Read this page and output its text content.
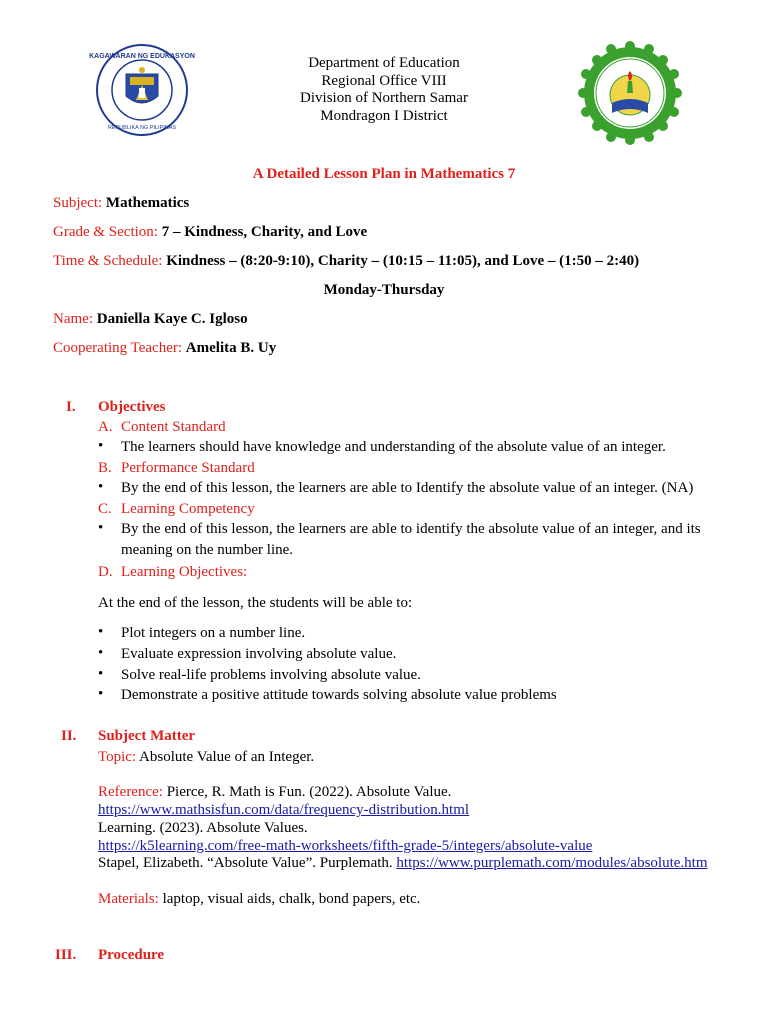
KAGAWARAN NG EDUKASYON
REPUBLIKA NG PILIPINAS
Department of Education
Regional Office VIII
Division of Northern Samar
Mondragon I District
A Detailed Lesson Plan in Mathematics 7
Subject: Mathematics
Grade & Section: 7 – Kindness, Charity, and Love
Time & Schedule: Kindness – (8:20-9:10), Charity – (10:15 – 11:05), and Love – (1:50 – 2:40)
Monday-Thursday
Name: Daniella Kaye C. Igloso
Cooperating Teacher: Amelita B. Uy
I. Objectives
A. Content Standard
•	The learners should have knowledge and understanding of the absolute value of an integer.
B. Performance Standard
•	By the end of this lesson, the learners are able to Identify the absolute value of an integer. (NA)
C. Learning Competency
•	By the end of this lesson, the learners are able to identify the absolute value of an integer, and its meaning on the number line.
D. Learning Objectives:
At the end of the lesson, the students will be able to:
•	Plot integers on a number line.
•	Evaluate expression involving absolute value.
•	Solve real-life problems involving absolute value.
•	Demonstrate a positive attitude towards solving absolute value problems
II. Subject Matter
Topic: Absolute Value of an Integer.
Reference: Pierce, R. Math is Fun. (2022). Absolute Value.
https://www.mathsisfun.com/data/frequency-distribution.html
Learning. (2023). Absolute Values.
https://k5learning.com/free-math-worksheets/fifth-grade-5/integers/absolute-value
Stapel, Elizabeth. “Absolute Value”. Purplemath. https://www.purplemath.com/modules/absolute.htm
Materials: laptop, visual aids, chalk, bond papers, etc.
III. Procedure
